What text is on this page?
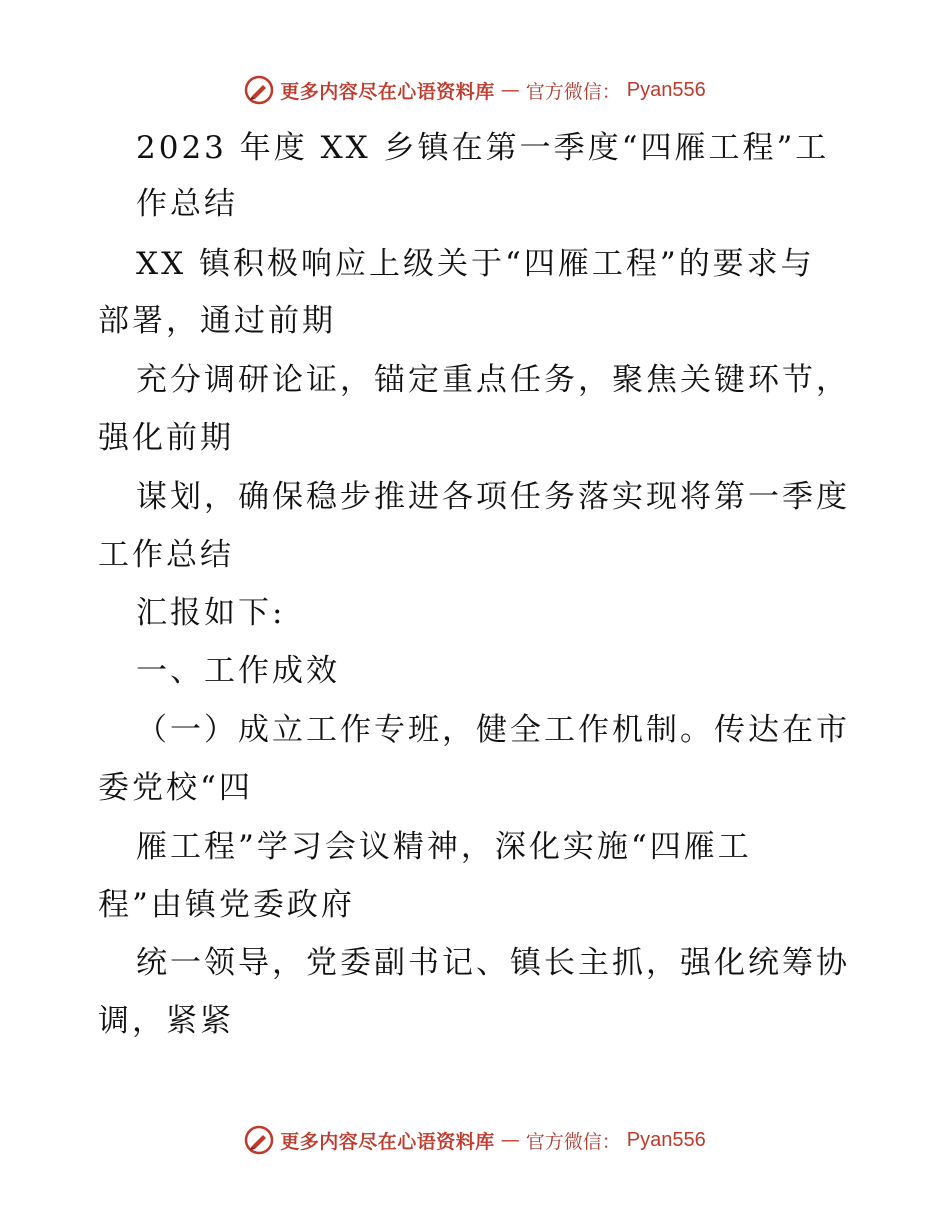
更多内容尽在心语资料库 — 官方微信： Pyan556
2023 年度 XX 乡镇在第一季度“四雁工程”工
作总结
XX 镇积极响应上级关于“四雁工程”的要求与
部署，通过前期
充分调研论证，锚定重点任务，聚焦关键环节，
强化前期
谋划，确保稳步推进各项任务落实现将第一季度
工作总结
汇报如下:
一、工作成效
（一）成立工作专班，健全工作机制。传达在市
委党校“四
雁工程”学习会议精神，深化实施“四雁工
程”由镇党委政府
统一领导，党委副书记、镇长主抓，强化统筹协
调，紧紧
更多内容尽在心语资料库 — 官方微信： Pyan556
